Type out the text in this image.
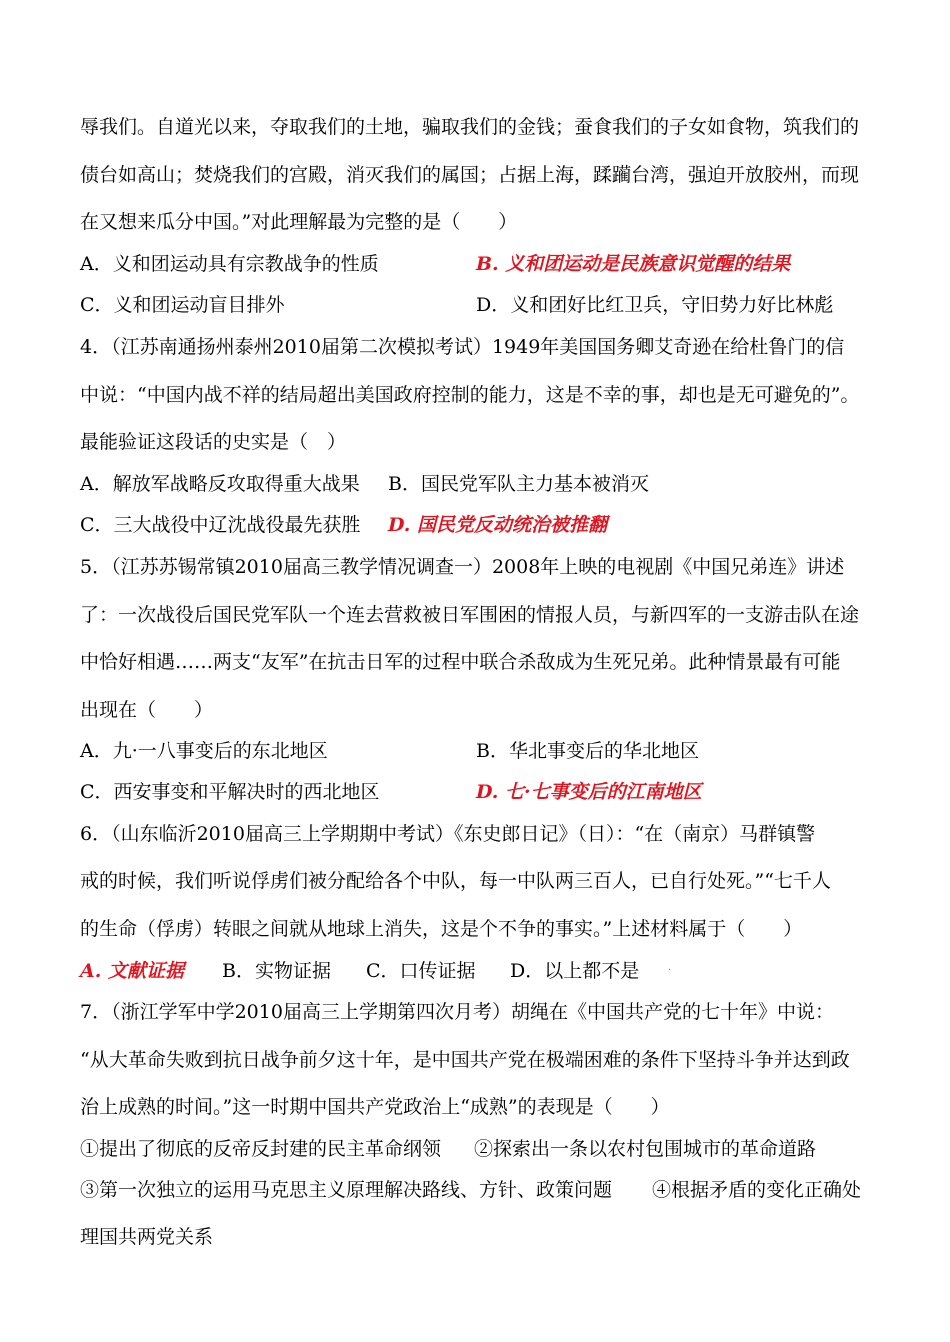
辱我们。自道光以来，夺取我们的土地，骗取我们的金钱；蚕食我们的子女如食物，筑我们的
债台如高山；焚烧我们的宫殿，消灭我们的属国；占据上海，蹂躏台湾，强迫开放胶州，而现
在又想来瓜分中国。”对此理解最为完整的是（　　）
A．义和团运动具有宗教战争的性质	B. 义和团运动是民族意识觉醒的结果
C．义和团运动盲目排外	D．义和团好比红卫兵，守旧势力好比林彪
4．（江苏南通扬州泰州2010届第二次模拟考试）1949年美国国务卿艾奇逊在给杜鲁门的信
中说：“中国内战不祥的结局超出美国政府控制的能力，这是不幸的事，却也是无可避免的”。
最能验证这段话的史实是（　）
A．解放军战略反攻取得重大战果 B．国民党军队主力基本被消灭
C．三大战役中辽沈战役最先获胜 D. 国民党反动统治被推翻
5．（江苏苏锡常镇2010届高三教学情况调查一）2008年上映的电视剧《中国兄弟连》讲述
了：一次战役后国民党军队一个连去营救被日军围困的情报人员，与新四军的一支游击队在途
中恰好相遇……两支“友军”在抗击日军的过程中联合杀敌成为生死兄弟。此种情景最有可能
出现在（　　）
A．九·一八事变后的东北地区	B．华北事变后的华北地区
C．西安事变和平解决时的西北地区	D. 七·七事变后的江南地区
6．（山东临沂2010届高三上学期期中考试）《东史郎日记》（日）：“在（南京）马群镇警
戒的时候，我们听说俘虏们被分配给各个中队，每一中队两三百人，已自行处死。”“七千人
的生命（俘虏）转眼之间就从地球上消失，这是个不争的事实。”上述材料属于（　　）
A. 文献证据 B．实物证据 C．口传证据 D．以上都不是	.
7．（浙江学军中学2010届高三上学期第四次月考）胡绳在《中国共产党的七十年》中说：
“从大革命失败到抗日战争前夕这十年，是中国共产党在极端困难的条件下坚持斗争并达到政
治上成熟的时间。”这一时期中国共产党政治上“成熟”的表现是（　　）
①提出了彻底的反帝反封建的民主革命纲领 ②探索出一条以农村包围城市的革命道路
③第一次独立的运用马克思主义原理解决路线、方针、政策问题 ④根据矛盾的变化正确处
理国共两党关系
